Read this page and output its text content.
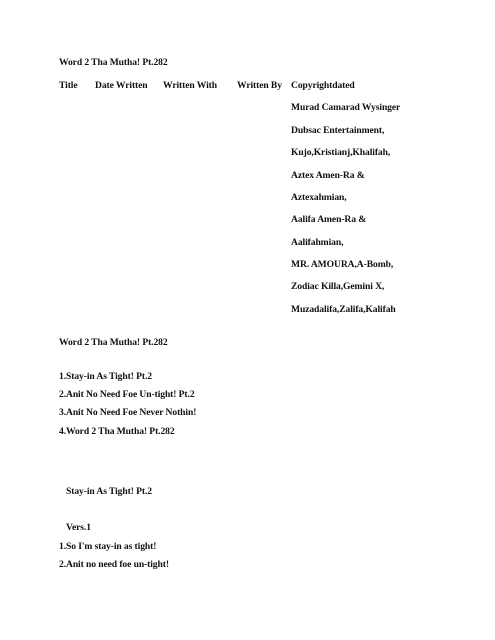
Word 2 Tha Mutha! Pt.282
Title Date Written Written With Written By Copyrightdated
Murad Camarad Wysinger
Dubsac Entertainment,
Kujo,Kristianj,Khalifah,
Aztex Amen-Ra &
Aztexahmian,
Aalifa Amen-Ra &
Aalifahmian,
MR. AMOURA,A-Bomb,
Zodiac Killa,Gemini X,
Muzadalifa,Zalifa,Kalifah
Word 2 Tha Mutha! Pt.282
1.Stay-in As Tight! Pt.2
2.Anit No Need Foe Un-tight! Pt.2
3.Anit No Need Foe Never Nothin!
4.Word 2 Tha Mutha! Pt.282
Stay-in As Tight! Pt.2
Vers.1
1.So I'm stay-in as tight!
2.Anit no need foe un-tight!
